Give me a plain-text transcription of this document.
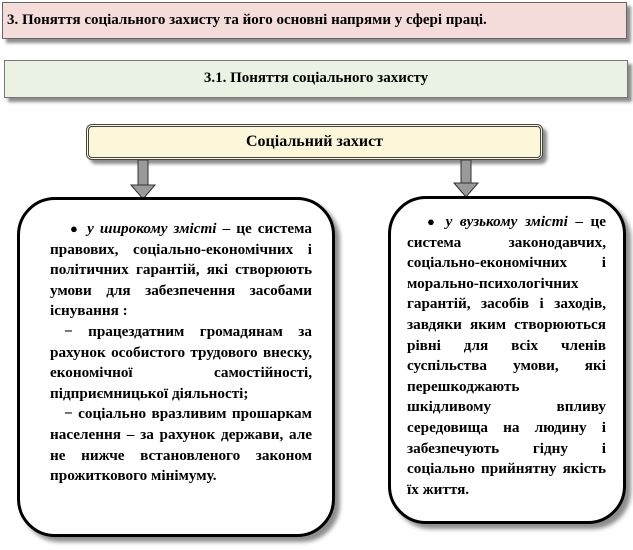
3. Поняття соціального захисту та його основні напрями у сфері праці.
3.1. Поняття соціального захисту
Соціальний захист

● у широкому змісті – це система правових, соціально-економічних і політичних гарантій, які створюють умови для забезпечення засобами існування :

− працездатним громадянам за рахунок особистого трудового внеску, економічної самостійності, підприємницької діяльності;

− соціально вразливим прошаркам населення – за рахунок держави, але не нижче встановленого законом прожиткового мінімуму.

● у вузькому змісті – це система законодавчих, соціально-економічних і морально-психологічних гарантій, засобів і заходів, завдяки яким створюються рівні для всіх членів суспільства умови, які перешкоджають шкідливому впливу середовища на людину і забезпечують гідну і соціально прийнятну якість їх життя.
